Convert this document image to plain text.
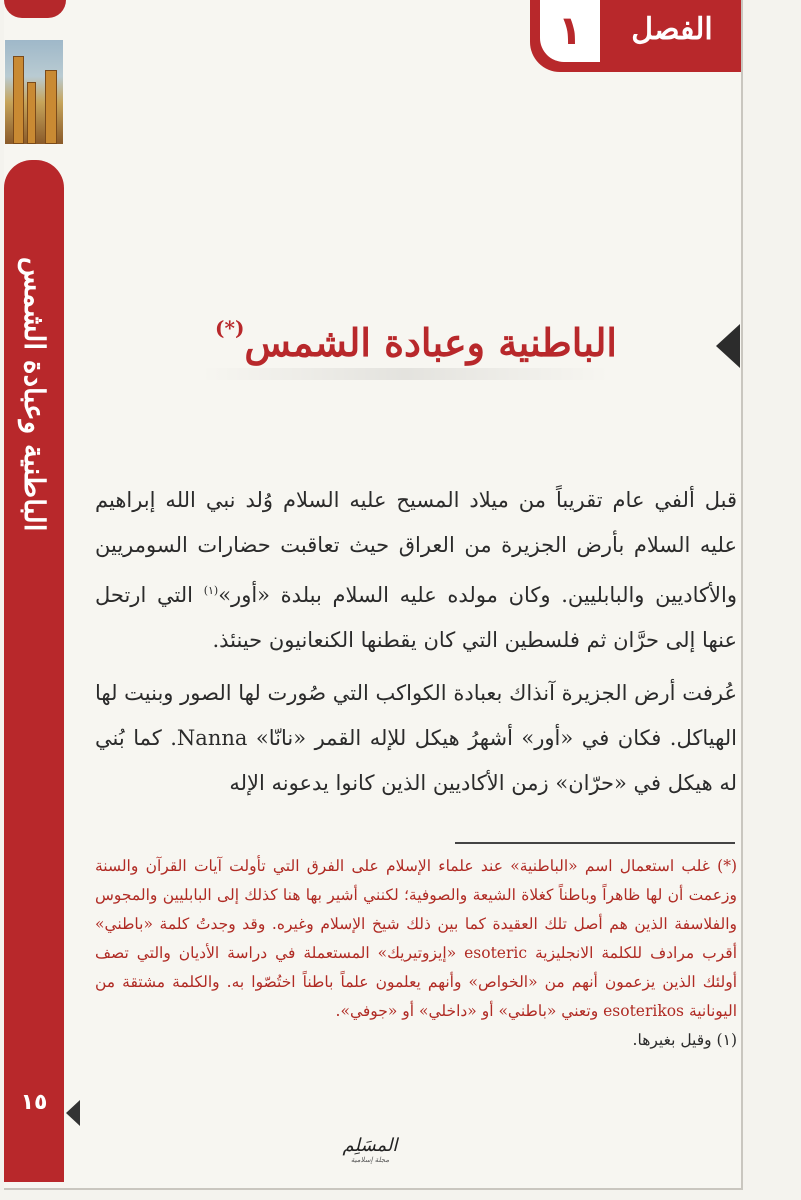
الباطنية وعبادة الشمس
١٥
١	الفصل
الباطنية وعبادة الشمس(*)

قبل ألفي عام تقريباً من ميلاد المسيح عليه السلام وُلد نبي الله إبراهيم عليه السلام بأرض الجزيرة من العراق حيث تعاقبت حضارات السومريين والأكاديين والبابليين. وكان مولده عليه السلام ببلدة «أور»$^{(١)}$ التي ارتحل عنها إلى حرَّان ثم فلسطين التي كان يقطنها الكنعانيون حينئذ.

عُرفت أرض الجزيرة آنذاك بعبادة الكواكب التي صُورت لها الصور وبنيت لها الهياكل. فكان في «أور» أشهرُ هيكل للإله القمر «نانّا» Nanna. كما بُني له هيكل في «حرّان» زمن الأكاديين الذين كانوا يدعونه الإله

(*) غلب استعمال اسم «الباطنية» عند علماء الإسلام على الفرق التي تأولت آيات القرآن والسنة وزعمت أن لها ظاهراً وباطناً كغلاة الشيعة والصوفية؛ لكنني أشير بها هنا كذلك إلى البابليين والمجوس والفلاسفة الذين هم أصل تلك العقيدة كما بين ذلك شيخ الإسلام وغيره. وقد وجدتُ كلمة «باطني» أقرب مرادف للكلمة الانجليزية esoteric «إيزوتيريك» المستعملة في دراسة الأديان والتي تصف أولئك الذين يزعمون أنهم من «الخواص» وأنهم يعلمون علماً باطناً اختُصّوا به. والكلمة مشتقة من اليونانية esoterikos وتعني «باطني» أو «داخلي» أو «جوفي».

(١) وقيل بغيرها.

المسَلِم
مجلة إسلامية
